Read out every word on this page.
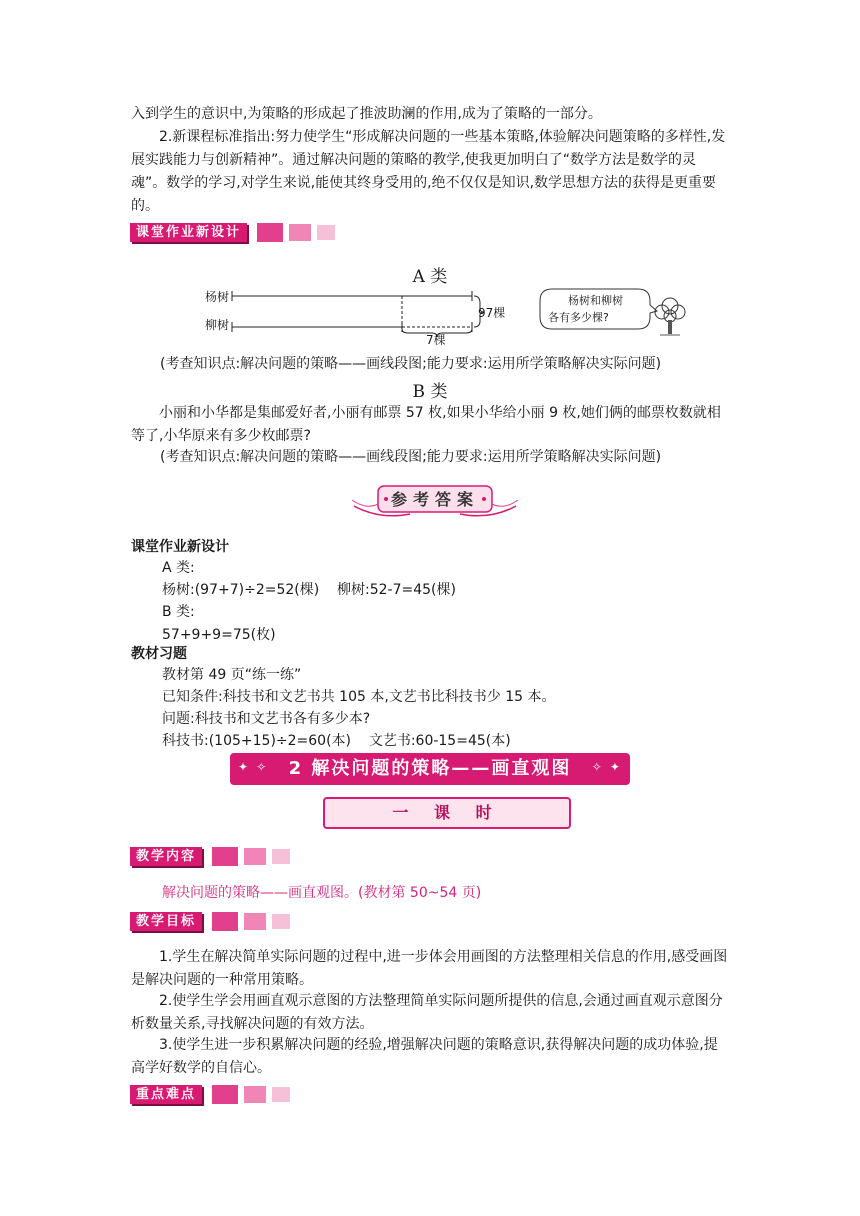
入到学生的意识中,为策略的形成起了推波助澜的作用,成为了策略的一部分。

2.新课程标准指出:努力使学生“形成解决问题的一些基本策略,体验解决问题策略的多样性,发展实践能力与创新精神”。通过解决问题的策略的教学,使我更加明白了“数学方法是数学的灵魂”。数学的学习,对学生来说,能使其终身受用的,绝不仅仅是知识,数学思想方法的获得是更重要的。

课堂作业新设计
A 类
杨树
柳树
97棵
7棵
杨树和柳树
各有多少棵?
(考查知识点:解决问题的策略——画线段图;能力要求:运用所学策略解决实际问题)
B 类

小丽和小华都是集邮爱好者,小丽有邮票 57 枚,如果小华给小丽 9 枚,她们俩的邮票枚数就相等了,小华原来有多少枚邮票?

(考查知识点:解决问题的策略——画线段图;能力要求:运用所学策略解决实际问题)
参考答案
课堂作业新设计
A 类:
杨树:(97+7)÷2=52(棵)    柳树:52-7=45(棵)
B 类:
57+9+9=75(枚)
教材习题
教材第 49 页“练一练”
已知条件:科技书和文艺书共 105 本,文艺书比科技书少 15 本。
问题:科技书和文艺书各有多少本?
科技书:(105+15)÷2=60(本)    文艺书:60-15=45(本)
✦ ✧ 2 解决问题的策略——画直观图 ✧ ✦
一 课 时
教学内容
解决问题的策略——画直观图。(教材第 50~54 页)
教学目标

1.学生在解决简单实际问题的过程中,进一步体会用画图的方法整理相关信息的作用,感受画图是解决问题的一种常用策略。

2.使学生学会用画直观示意图的方法整理简单实际问题所提供的信息,会通过画直观示意图分析数量关系,寻找解决问题的有效方法。

3.使学生进一步积累解决问题的经验,增强解决问题的策略意识,获得解决问题的成功体验,提高学好数学的自信心。

重点难点
